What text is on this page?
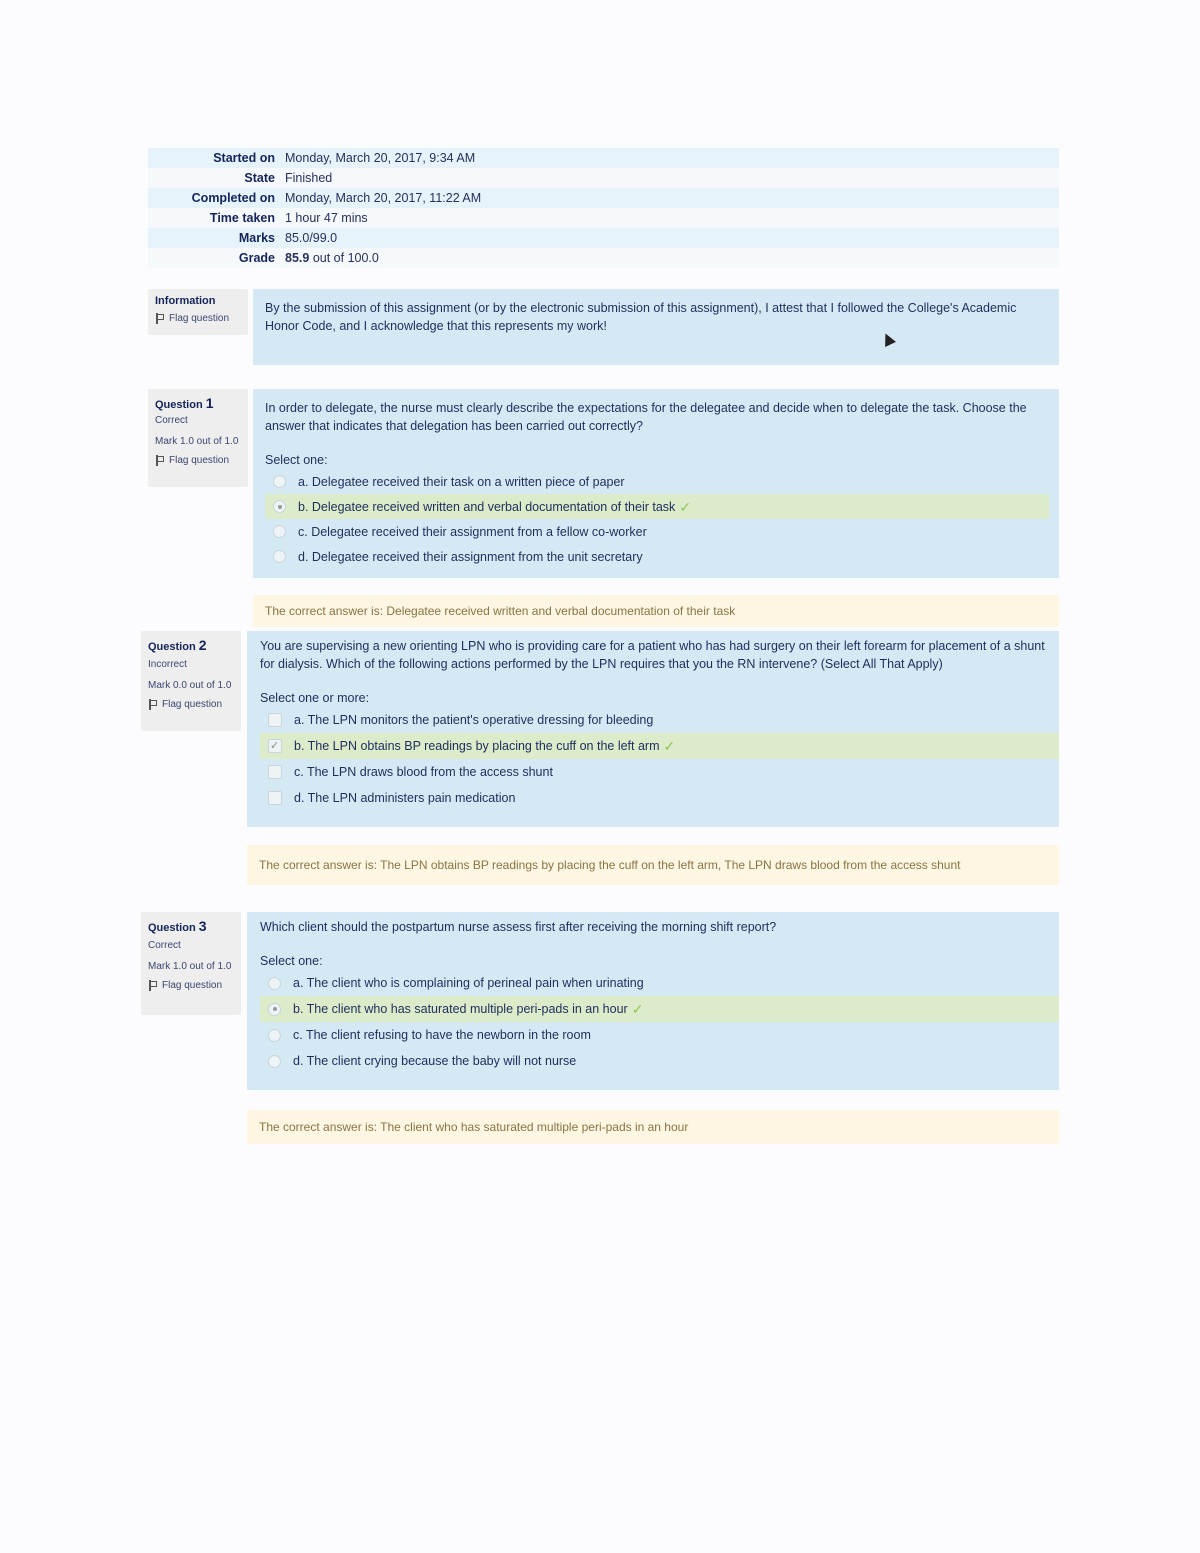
Started on Monday, March 20, 2017, 9:34 AM
State Finished
Completed on Monday, March 20, 2017, 11:22 AM
Time taken 1 hour 47 mins
Marks 85.0/99.0
Grade 85.9 out of 100.0
Information
Flag question

By the submission of this assignment (or by the electronic submission of this assignment), I attest that I followed the College's Academic Honor Code, and I acknowledge that this represents my work!

Question 1
Correct
Mark 1.0 out of 1.0
Flag question

In order to delegate, the nurse must clearly describe the expectations for the delegatee and decide when to delegate the task. Choose the answer that indicates that delegation has been carried out correctly?

Select one:
a. Delegatee received their task on a written piece of paper
b. Delegatee received written and verbal documentation of their task ✓
c. Delegatee received their assignment from a fellow co-worker
d. Delegatee received their assignment from the unit secretary
The correct answer is: Delegatee received written and verbal documentation of their task
Question 2
Incorrect
Mark 0.0 out of 1.0
Flag question

You are supervising a new orienting LPN who is providing care for a patient who has had surgery on their left forearm for placement of a shunt for dialysis. Which of the following actions performed by the LPN requires that you the RN intervene? (Select All That Apply)

Select one or more:
a. The LPN monitors the patient's operative dressing for bleeding
✓
b. The LPN obtains BP readings by placing the cuff on the left arm ✓
c. The LPN draws blood from the access shunt
d. The LPN administers pain medication
The correct answer is: The LPN obtains BP readings by placing the cuff on the left arm, The LPN draws blood from the access shunt
Question 3
Correct
Mark 1.0 out of 1.0
Flag question

Which client should the postpartum nurse assess first after receiving the morning shift report?

Select one:
a. The client who is complaining of perineal pain when urinating
b. The client who has saturated multiple peri-pads in an hour ✓
c. The client refusing to have the newborn in the room
d. The client crying because the baby will not nurse
The correct answer is: The client who has saturated multiple peri-pads in an hour
